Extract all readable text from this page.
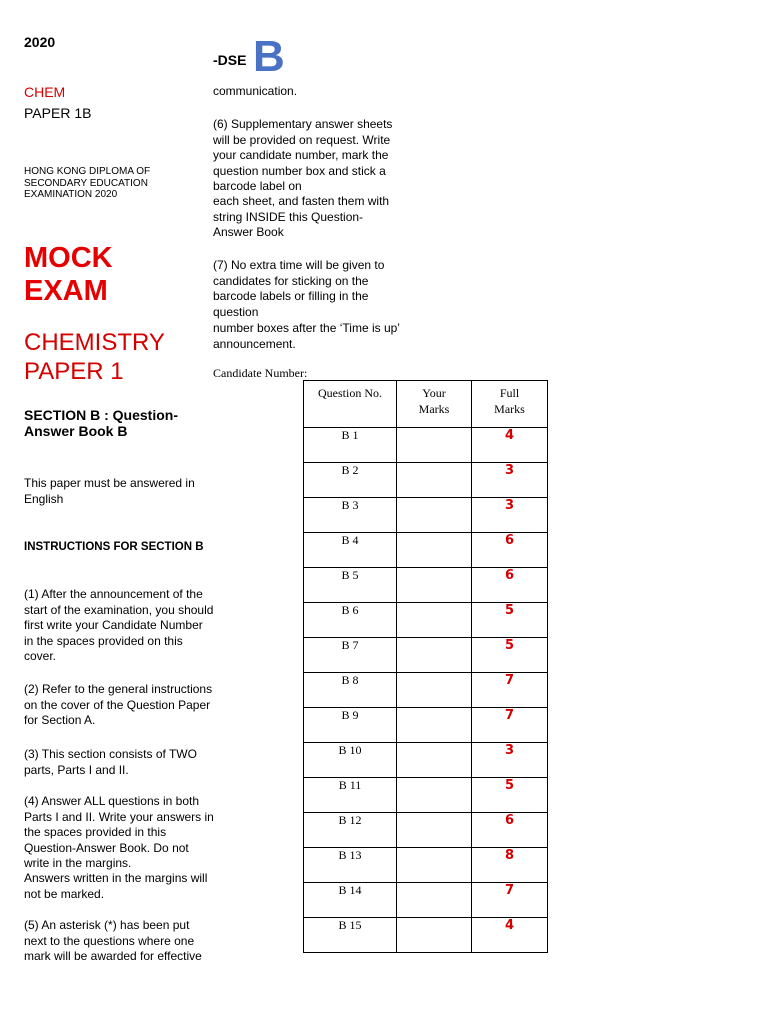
2020
CHEM
PAPER 1B
HONG KONG DIPLOMA OF SECONDARY EDUCATION EXAMINATION 2020
MOCK EXAM
CHEMISTRY PAPER 1
SECTION B : Question-Answer Book B
This paper must be answered in English
INSTRUCTIONS FOR SECTION B
(1) After the announcement of the start of the examination, you should first write your Candidate Number in the spaces provided on this cover.
(2) Refer to the general instructions on the cover of the Question Paper for Section A.
(3) This section consists of TWO parts, Parts I and II.
(4) Answer ALL questions in both Parts I and II. Write your answers in the spaces provided in this Question-Answer Book. Do not write in the margins.
Answers written in the margins will not be marked.
(5) An asterisk (*) has been put next to the questions where one mark will be awarded for effective
-DSE B
communication.
(6) Supplementary answer sheets will be provided on request. Write your candidate number, mark the question number box and stick a barcode label on
each sheet, and fasten them with string INSIDE this Question-Answer Book
(7) No extra time will be given to candidates for sticking on the barcode labels or filling in the question
number boxes after the ‘Time is up’ announcement.
Candidate Number:
Question No.	Your Marks	Full Marks
B 1		4
B 2		3
B 3		3
B 4		6
B 5		6
B 6		5
B 7		5
B 8		7
B 9		7
B 10		3
B 11		5
B 12		6
B 13		8
B 14		7
B 15		4
